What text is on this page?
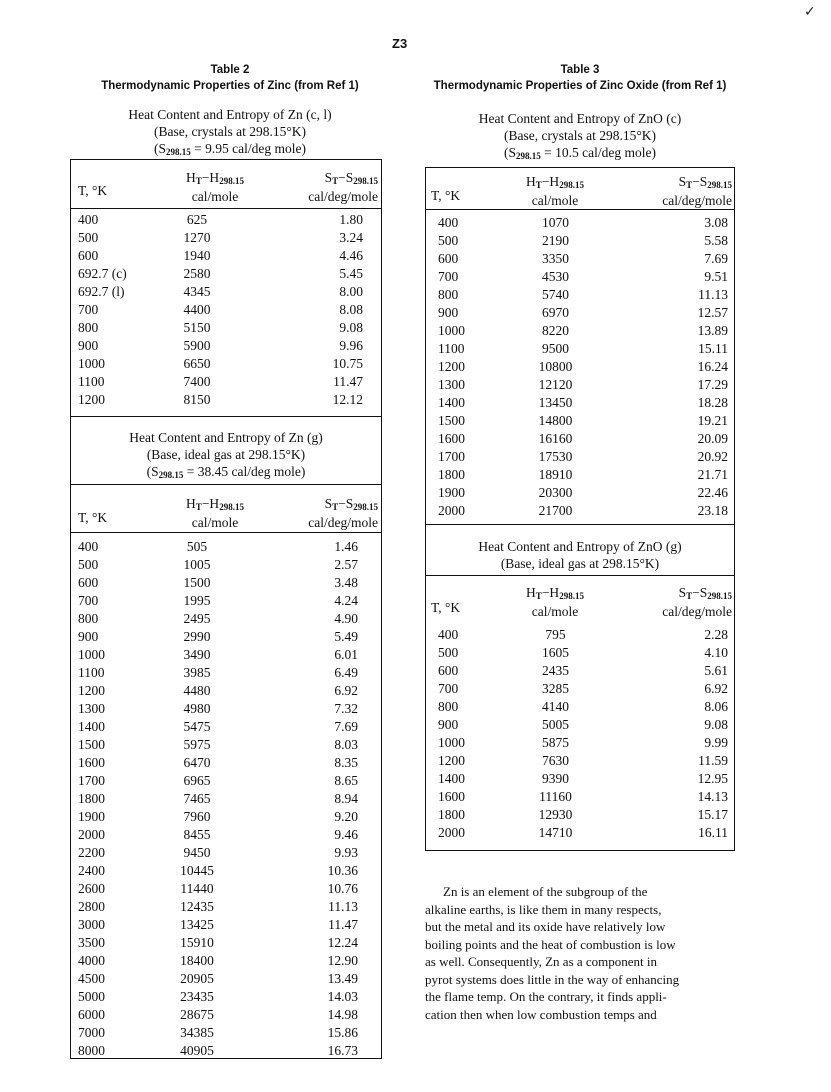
✓
Z3
Table 2
Thermodynamic Properties of Zinc (from Ref 1)
Heat Content and Entropy of Zn (c, l)
(Base, crystals at 298.15°K)
(S298.15 = 9.95 cal/deg mole)
T, °K
HT−H298.15
cal/mole
ST−S298.15
cal/deg/mole
400	625	1.80
500	1270	3.24
600	1940	4.46
692.7 (c)	2580	5.45
692.7 (l)	4345	8.00
700	4400	8.08
800	5150	9.08
900	5900	9.96
1000	6650	10.75
1100	7400	11.47
1200	8150	12.12
Heat Content and Entropy of Zn (g)
(Base, ideal gas at 298.15°K)
(S298.15 = 38.45 cal/deg mole)
T, °K
HT−H298.15
cal/mole
ST−S298.15
cal/deg/mole
400	505	1.46
500	1005	2.57
600	1500	3.48
700	1995	4.24
800	2495	4.90
900	2990	5.49
1000	3490	6.01
1100	3985	6.49
1200	4480	6.92
1300	4980	7.32
1400	5475	7.69
1500	5975	8.03
1600	6470	8.35
1700	6965	8.65
1800	7465	8.94
1900	7960	9.20
2000	8455	9.46
2200	9450	9.93
2400	10445	10.36
2600	11440	10.76
2800	12435	11.13
3000	13425	11.47
3500	15910	12.24
4000	18400	12.90
4500	20905	13.49
5000	23435	14.03
6000	28675	14.98
7000	34385	15.86
8000	40905	16.73
Table 3
Thermodynamic Properties of Zinc Oxide (from Ref 1)
Heat Content and Entropy of ZnO (c)
(Base, crystals at 298.15°K)
(S298.15 = 10.5 cal/deg mole)
T, °K
HT−H298.15
cal/mole
ST−S298.15
cal/deg/mole
400	1070	3.08
500	2190	5.58
600	3350	7.69
700	4530	9.51
800	5740	11.13
900	6970	12.57
1000	8220	13.89
1100	9500	15.11
1200	10800	16.24
1300	12120	17.29
1400	13450	18.28
1500	14800	19.21
1600	16160	20.09
1700	17530	20.92
1800	18910	21.71
1900	20300	22.46
2000	21700	23.18
Heat Content and Entropy of ZnO (g)
(Base, ideal gas at 298.15°K)
T, °K
HT−H298.15
cal/mole
ST−S298.15
cal/deg/mole
400	795	2.28
500	1605	4.10
600	2435	5.61
700	3285	6.92
800	4140	8.06
900	5005	9.08
1000	5875	9.99
1200	7630	11.59
1400	9390	12.95
1600	11160	14.13
1800	12930	15.17
2000	14710	16.11
Zn is an element of the subgroup of the
alkaline earths, is like them in many respects,
but the metal and its oxide have relatively low
boiling points and the heat of combustion is low
as well. Consequently, Zn as a component in
pyrot systems does little in the way of enhancing
the flame temp. On the contrary, it finds appli-
cation then when low combustion temps and
